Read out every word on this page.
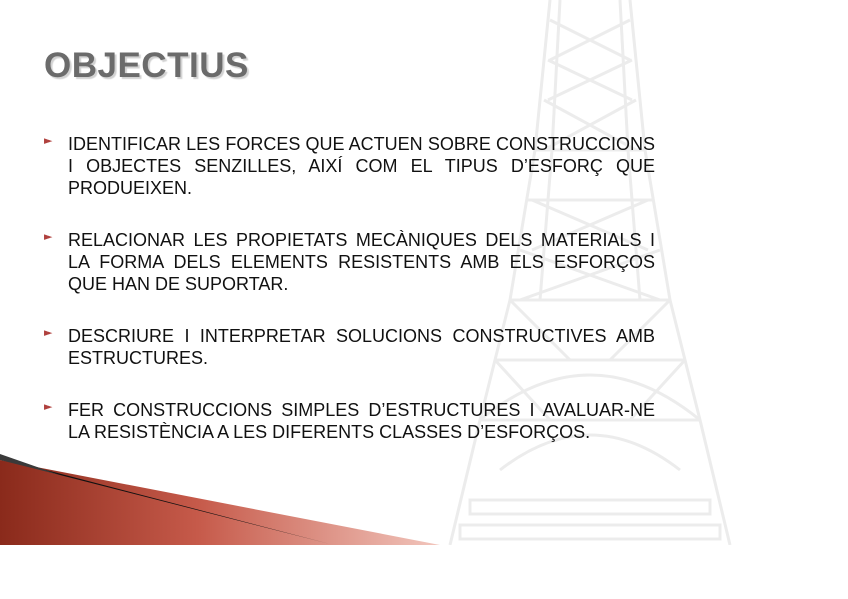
OBJECTIUS
► IDENTIFICAR LES FORCES QUE ACTUEN SOBRE CONSTRUCCIONS I OBJECTES SENZILLES, AIXÍ COM EL TIPUS D’ESFORÇ QUE PRODUEIXEN.
► RELACIONAR LES PROPIETATS MECÀNIQUES DELS MATERIALS I LA FORMA DELS ELEMENTS RESISTENTS AMB ELS ESFORÇOS QUE HAN DE SUPORTAR.
► DESCRIURE I INTERPRETAR SOLUCIONS CONSTRUCTIVES AMB ESTRUCTURES.
► FER CONSTRUCCIONS SIMPLES D’ESTRUCTURES I AVALUAR-NE LA RESISTÈNCIA A LES DIFERENTS CLASSES D’ESFORÇOS.
